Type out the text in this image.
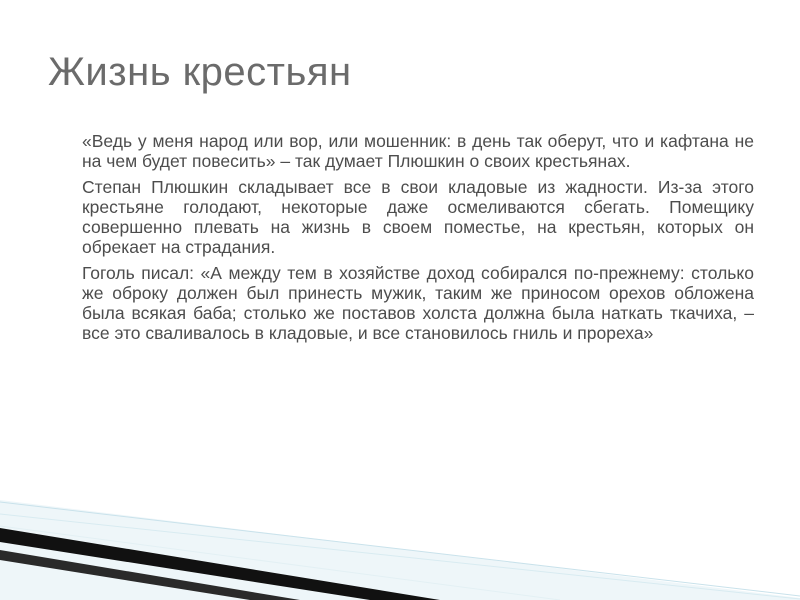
Жизнь крестьян

«Ведь у меня народ или вор, или мошенник: в день так оберут, что и кафтана не на чем будет повесить» – так думает Плюшкин о своих крестьянах.

Степан Плюшкин складывает все в свои кладовые из жадности. Из-за этого крестьяне голодают, некоторые даже осмеливаются сбегать. Помещику совершенно плевать на жизнь в своем поместье, на крестьян, которых он обрекает на страдания.

Гоголь писал: «А между тем в хозяйстве доход собирался по-прежнему: столько же оброку должен был принесть мужик, таким же приносом орехов обложена была всякая баба; столько же поставов холста должна была наткать ткачиха, – все это сваливалось в кладовые, и все становилось гниль и прореха»
